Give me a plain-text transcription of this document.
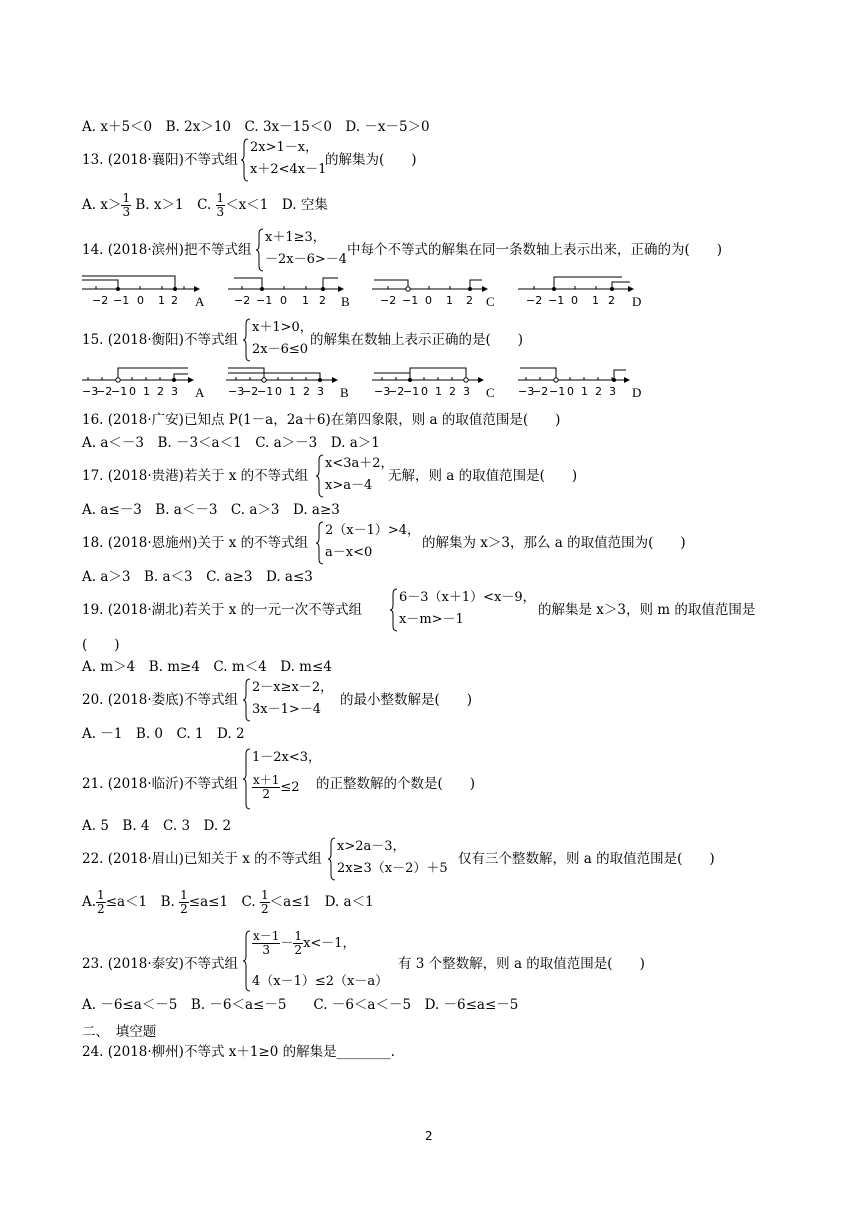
A. x＋5＜0　B. 2x＞10　C. 3x－15＜0　D. －x－5＞0
13. (2018·襄阳)不等式组
2x>1－x，
x＋2<4x－1
的解集为(　　)
A. $x> \frac{1}{3} B$. x＞1　C. $\frac{1}{3} <x<1$　D. 空集
14. (2018·滨州)把不等式组
x＋1≥3，
－2x－6>－4
中每个不等式的解集在同一条数轴上表示出来，正确的为(　　)
−2 −1 0 1 2 A	−2 −1 0 1 2 B	−2 −1 0 1 2 C	−2 −1 0 1 2 D
15. (2018·衡阳)不等式组
x＋1>0，
2x－6≤0
的解集在数轴上表示正确的是(　　)
−3
−2
−1 0 1 2 3 A −3
−2
−1 0 1 2 3 B −3
−2
−1 0 1 2 3 C −3
−2 −1 0 1 2 3 D
16. (2018·广安)已知点 P(1－a，2a＋6)在第四象限，则 a 的取值范围是(　　)
A. a＜－3　B. －3＜a＜1　C. a＞－3　D. a＞1
17. (2018·贵港)若关于 x 的不等式组
x<3a＋2，
x>a－4
无解，则 a 的取值范围是(　　)
A. a≤－3　B. a＜－3　C. a＞3　D. a≥3
18. (2018·恩施州)关于 x 的不等式组
2（x－1）>4，
a－x<0
的解集为 x＞3，那么 a 的取值范围为(　　)
A. a＞3　B. a＜3　C. a≥3　D. a≤3
19. (2018·湖北)若关于 x 的一元一次不等式组
6－3（x＋1）<x－9，
x－m>－1
的解集是 x＞3，则 m 的取值范围是
(　　)
A. m＞4　B. m≥4　C. m＜4　D. m≤4
20. (2018·娄底)不等式组
2－x≥x－2，
3x－1>－4
的最小整数解是(　　)
A. －1　B. 0　C. 1　D. 2
21. (2018·临沂)不等式组
1－2x<3，
$\frac{x+1}{2} \le 2$ 的正整数解的个数是(　　)
A. 5　B. 4　C. 3　D. 2
22. (2018·眉山)已知关于 x 的不等式组
x>2a－3，
2x≥3（x－2）＋5
仅有三个整数解，则 a 的取值范围是(　　)
A. $\frac{1}{2} \le a<1$　B. $\frac{1}{2} \le a\le 1$　C. $\frac{1}{2} <a\le 1$　D. a＜1
23. (2018·泰安)不等式组
$\frac{x-1}{3} - \frac{1}{2} x<-1$，
4（x－1）≤2（x－a）
有 3 个整数解，则 a 的取值范围是(　　)
A. －6≤a＜－5　B. －6＜a≤－5　　C. －6＜a＜－5　D. －6≤a≤－5
二、　填空题
24. (2018·柳州)不等式 x＋1≥0 的解集是________.
2
